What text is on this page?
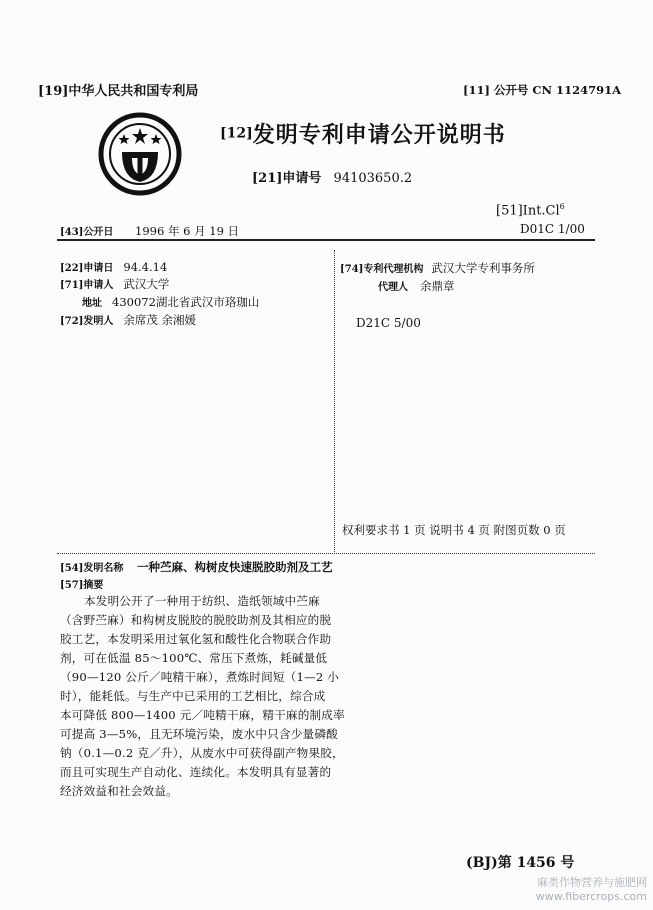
[19]中华人民共和国专利局	[11] 公开号 CN 1124791A
[12]发明专利申请公开说明书
[21]申请号 94103650.2
[51]Int.Cl$^6$
D01C 1/00
[43]公开日 1996 年 6 月 19 日
[22]申请日 94.4.14
[71]申请人 武汉大学
地址 430072湖北省武汉市珞珈山
[72]发明人 余席茂 余湘媛
[74]专利代理机构 武汉大学专利事务所
代理人 余鼎章
D21C 5/00
权利要求书 1 页 说明书 4 页 附图页数 0 页
[54]发明名称 一种苎麻、构树皮快速脱胶助剂及工艺
[57]摘要
本发明公开了一种用于纺织、造纸领域中苎麻
（含野苎麻）和构树皮脱胶的脱胶助剂及其相应的脱
胶工艺，本发明采用过氧化氢和酸性化合物联合作助
剂，可在低温 85～100℃、常压下煮炼，耗碱量低
（90—120 公斤／吨精干麻），煮炼时间短（1—2 小
时），能耗低。与生产中已采用的工艺相比，综合成
本可降低 800—1400 元／吨精干麻，精干麻的制成率
可提高 3—5%，且无环境污染，废水中只含少量磷酸
钠（0.1—0.2 克／升），从废水中可获得副产物果胶，
而且可实现生产自动化、连续化。本发明具有显著的
经济效益和社会效益。
(BJ)第 1456 号
麻类作物营养与施肥网
www.fibercrops.com
